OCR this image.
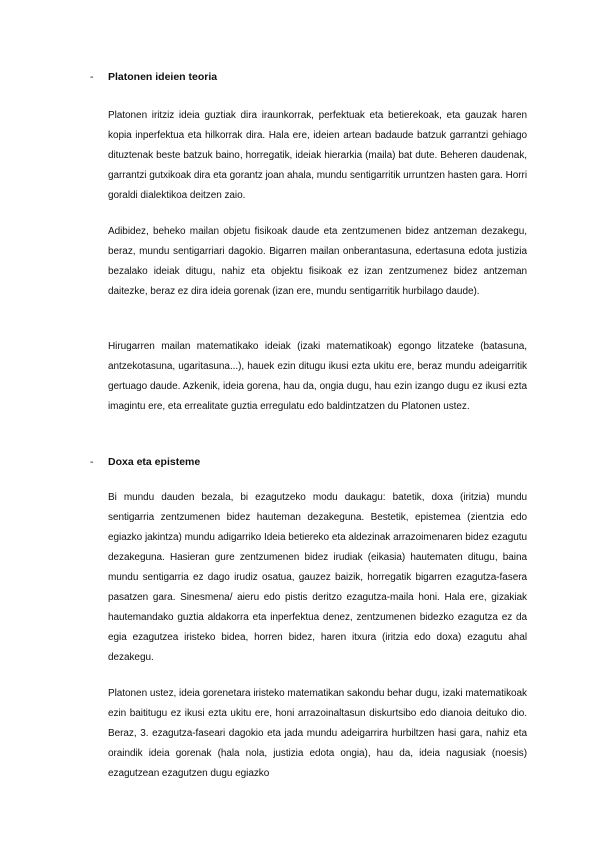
- Platonen ideien teoria
Platonen iritziz ideia guztiak dira iraunkorrak, perfektuak eta betierekoak, eta gauzak haren kopia inperfektua eta hilkorrak dira. Hala ere, ideien artean badaude batzuk garrantzi gehiago dituztenak beste batzuk baino, horregatik, ideiak hierarkia (maila) bat dute. Beheren daudenak, garrantzi gutxikoak dira eta gorantz joan ahala, mundu sentigarritik urruntzen hasten gara. Horri goraldi dialektikoa deitzen zaio.
Adibidez, beheko mailan objetu fisikoak daude eta zentzumenen bidez antzeman dezakegu, beraz, mundu sentigarriari dagokio. Bigarren mailan onberantasuna, edertasuna edota justizia bezalako ideiak ditugu, nahiz eta objektu fisikoak ez izan zentzumenez bidez antzeman daitezke, beraz ez dira ideia gorenak (izan ere, mundu sentigarritik hurbilago daude).
Hirugarren mailan matematikako ideiak (izaki matematikoak) egongo litzateke (batasuna, antzekotasuna, ugaritasuna...), hauek ezin ditugu ikusi ezta ukitu ere, beraz mundu adeigarritik gertuago daude. Azkenik, ideia gorena, hau da, ongia dugu, hau ezin izango dugu ez ikusi ezta imagintu ere, eta errealitate guztia erregulatu edo baldintzatzen du Platonen ustez.
- Doxa eta episteme
Bi mundu dauden bezala, bi ezagutzeko modu daukagu: batetik, doxa (iritzia) mundu sentigarria zentzumenen bidez hauteman dezakeguna. Bestetik, epistemea (zientzia edo egiazko jakintza) mundu adigarriko Ideia betiereko eta aldezinak arrazoimenaren bidez ezagutu dezakeguna. Hasieran gure zentzumenen bidez irudiak (eikasia) hautematen ditugu, baina mundu sentigarria ez dago irudiz osatua, gauzez baizik, horregatik bigarren ezagutza-fasera pasatzen gara. Sinesmena/ aieru edo pistis deritzo ezagutza-maila honi. Hala ere, gizakiak hautemandako guztia aldakorra eta inperfektua denez, zentzumenen bidezko ezagutza ez da egia ezagutzea iristeko bidea, horren bidez, haren itxura (iritzia edo doxa) ezagutu ahal dezakegu.
Platonen ustez, ideia gorenetara iristeko matematikan sakondu behar dugu, izaki matematikoak ezin baititugu ez ikusi ezta ukitu ere, honi arrazoinaltasun diskurtsibo edo dianoia deituko dio. Beraz, 3. ezagutza-faseari dagokio eta jada mundu adeigarrira hurbiltzen hasi gara, nahiz eta oraindik ideia gorenak (hala nola, justizia edota ongia), hau da, ideia nagusiak (noesis) ezagutzean ezagutzen dugu egiazko
